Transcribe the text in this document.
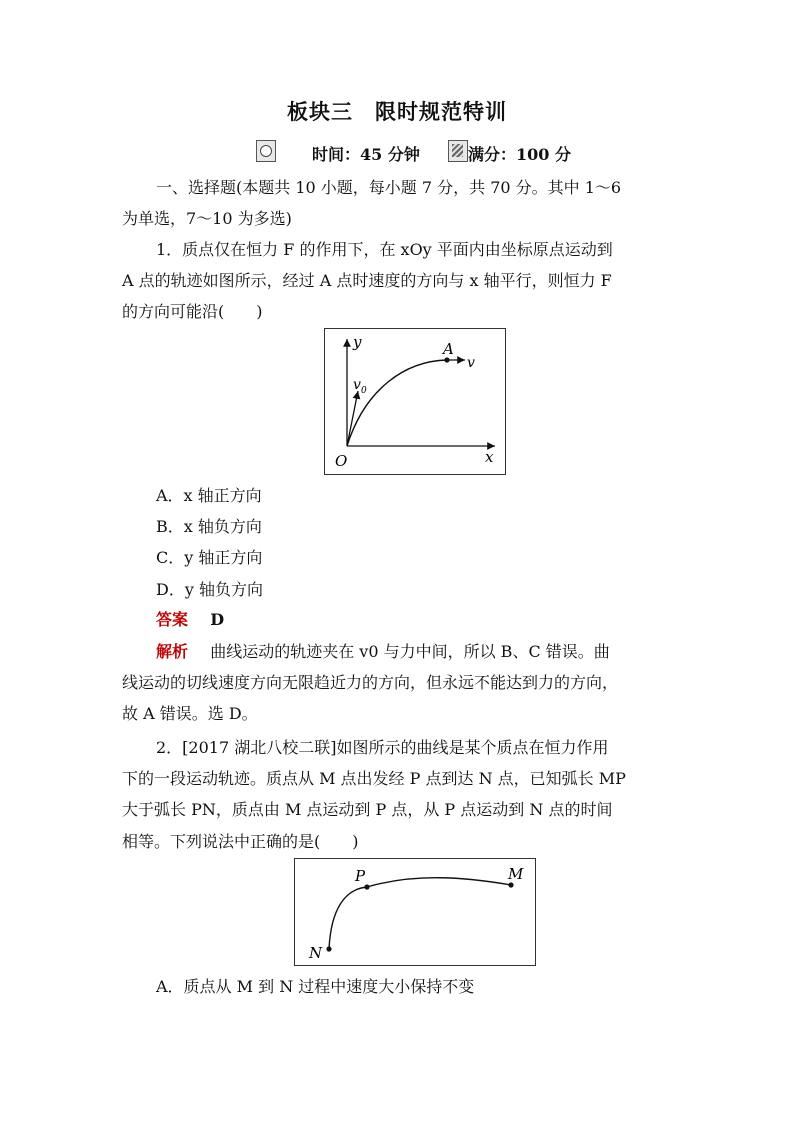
板块三　限时规范特训
时间：45 分钟	满分：100 分
一、选择题(本题共 10 小题，每小题 7 分，共 70 分。其中 1～6

为单选，7～10 为多选)
1．质点仅在恒力 F 的作用下，在 xOy 平面内由坐标原点运动到
A 点的轨迹如图所示，经过 A 点时速度的方向与 x 轴平行，则恒力 F
的方向可能沿(　　)
y
x
O
A
v
v 0
A．x 轴正方向
B．x 轴负方向
C．y 轴正方向
D．y 轴负方向
答案 D
解析 曲线运动的轨迹夹在 v0 与力中间，所以 B、C 错误。曲
线运动的切线速度方向无限趋近力的方向，但永远不能达到力的方向，
故 A 错误。选 D。
2．[2017 湖北八校二联]如图所示的曲线是某个质点在恒力作用
下的一段运动轨迹。质点从 M 点出发经 P 点到达 N 点，已知弧长 MP
大于弧长 PN，质点由 M 点运动到 P 点，从 P 点运动到 N 点的时间
相等。下列说法中正确的是(　　)
P	M
N
A．质点从 M 到 N 过程中速度大小保持不变
